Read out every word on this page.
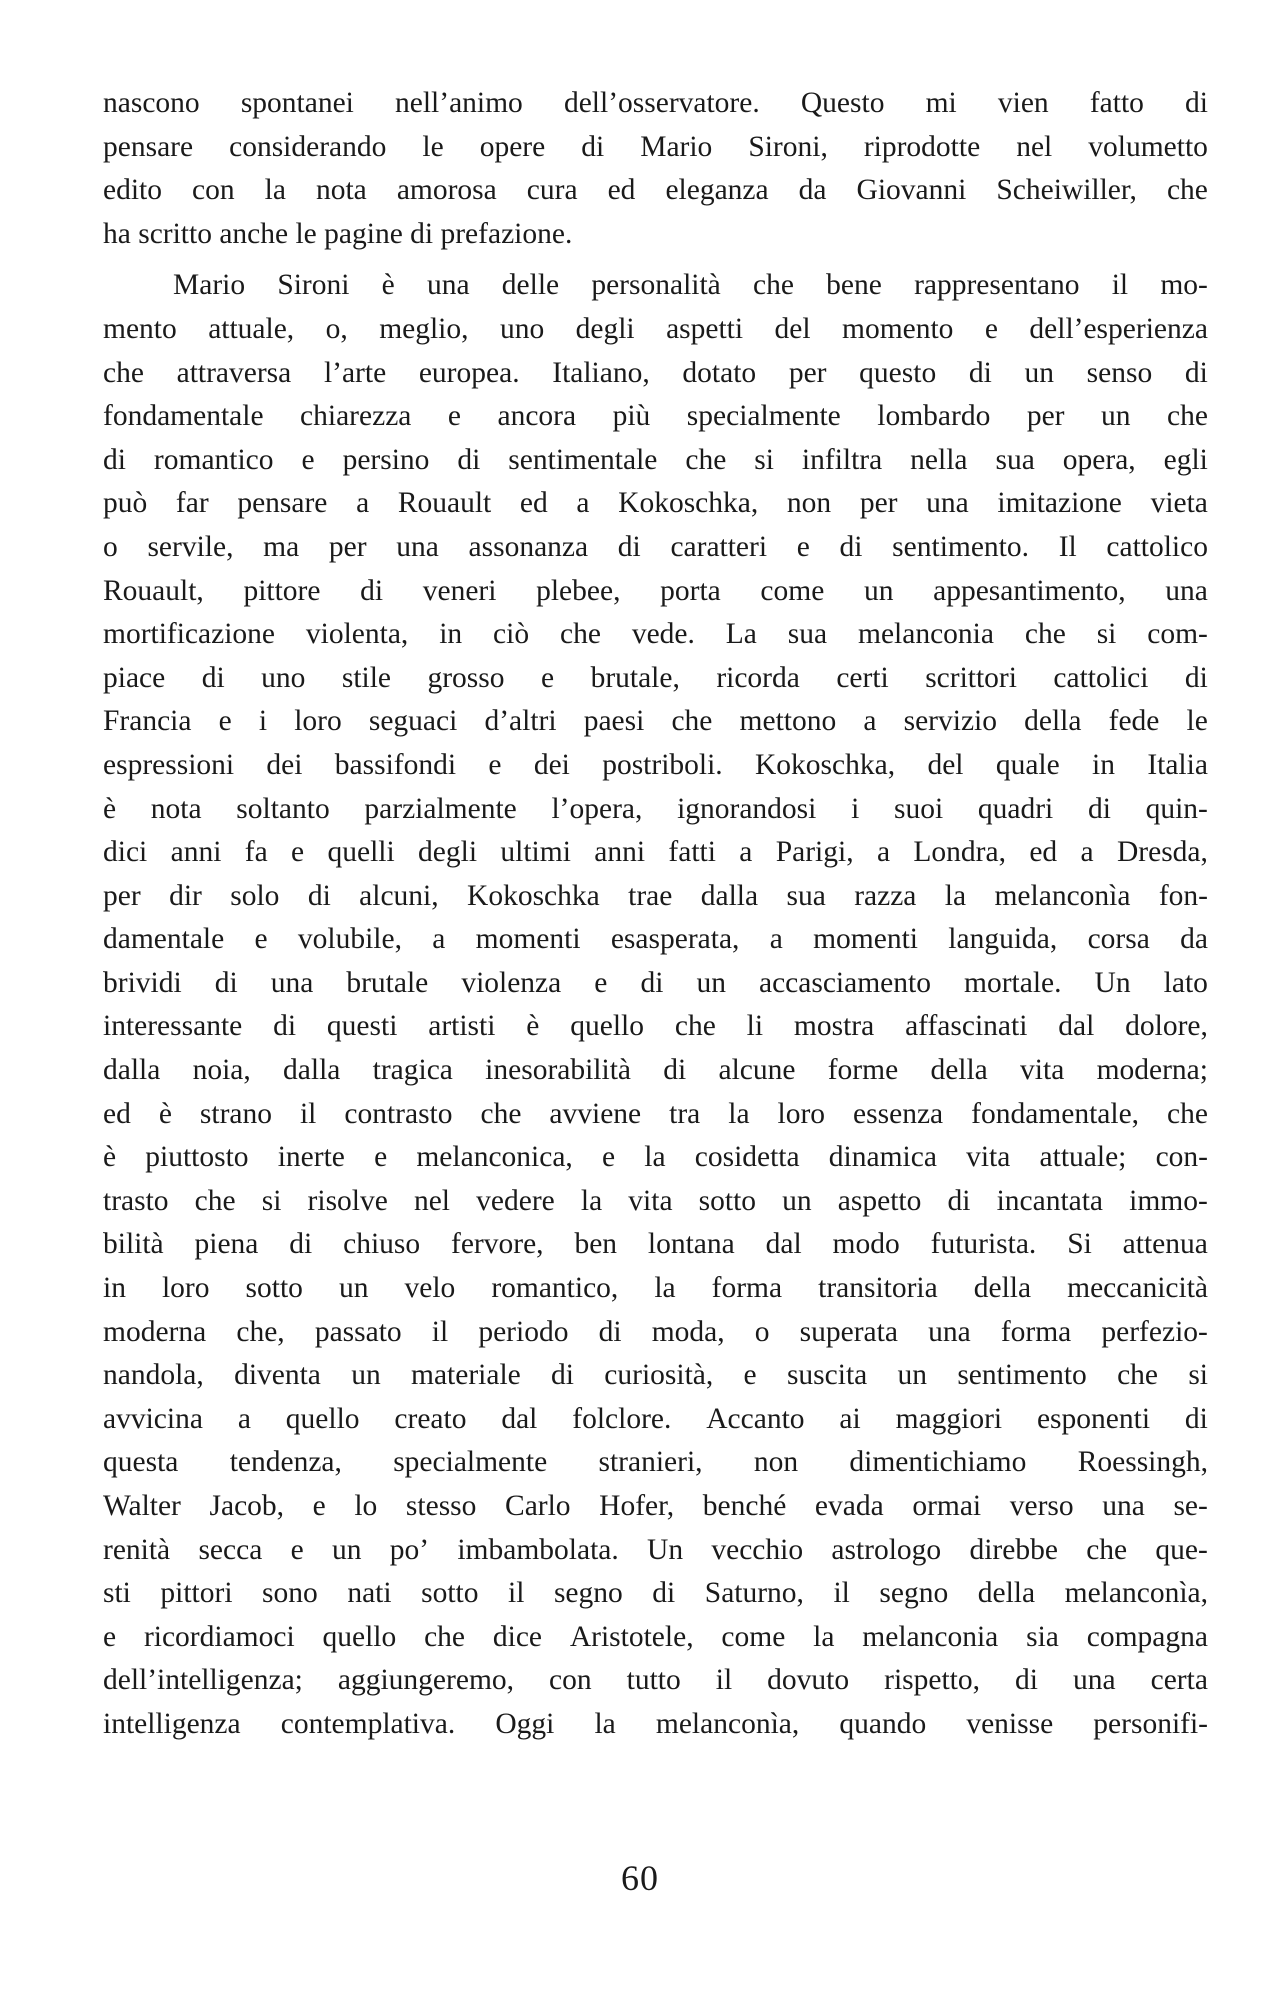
nascono spontanei nell’animo dell’osservatore. Questo mi vien fatto di
pensare considerando le opere di Mario Sironi, riprodotte nel volumetto
edito con la nota amorosa cura ed eleganza da Giovanni Scheiwiller, che
ha scritto anche le pagine di prefazione.
Mario Sironi è una delle personalità che bene rappresentano il mo-
mento attuale, o, meglio, uno degli aspetti del momento e dell’esperienza
che attraversa l’arte europea. Italiano, dotato per questo di un senso di
fondamentale chiarezza e ancora più specialmente lombardo per un che
di romantico e persino di sentimentale che si infiltra nella sua opera, egli
può far pensare a Rouault ed a Kokoschka, non per una imitazione vieta
o servile, ma per una assonanza di caratteri e di sentimento. Il cattolico
Rouault, pittore di veneri plebee, porta come un appesantimento, una
mortificazione violenta, in ciò che vede. La sua melanconia che si com-
piace di uno stile grosso e brutale, ricorda certi scrittori cattolici di
Francia e i loro seguaci d’altri paesi che mettono a servizio della fede le
espressioni dei bassifondi e dei postriboli. Kokoschka, del quale in Italia
è nota soltanto parzialmente l’opera, ignorandosi i suoi quadri di quin-
dici anni fa e quelli degli ultimi anni fatti a Parigi, a Londra, ed a Dresda,
per dir solo di alcuni, Kokoschka trae dalla sua razza la melanconìa fon-
damentale e volubile, a momenti esasperata, a momenti languida, corsa da
brividi di una brutale violenza e di un accasciamento mortale. Un lato
interessante di questi artisti è quello che li mostra affascinati dal dolore,
dalla noia, dalla tragica inesorabilità di alcune forme della vita moderna;
ed è strano il contrasto che avviene tra la loro essenza fondamentale, che
è piuttosto inerte e melanconica, e la cosidetta dinamica vita attuale; con-
trasto che si risolve nel vedere la vita sotto un aspetto di incantata immo-
bilità piena di chiuso fervore, ben lontana dal modo futurista. Si attenua
in loro sotto un velo romantico, la forma transitoria della meccanicità
moderna che, passato il periodo di moda, o superata una forma perfezio-
nandola, diventa un materiale di curiosità, e suscita un sentimento che si
avvicina a quello creato dal folclore. Accanto ai maggiori esponenti di
questa tendenza, specialmente stranieri, non dimentichiamo Roessingh,
Walter Jacob, e lo stesso Carlo Hofer, benché evada ormai verso una se-
renità secca e un po’ imbambolata. Un vecchio astrologo direbbe che que-
sti pittori sono nati sotto il segno di Saturno, il segno della melanconìa,
e ricordiamoci quello che dice Aristotele, come la melanconia sia compagna
dell’intelligenza; aggiungeremo, con tutto il dovuto rispetto, di una certa
intelligenza contemplativa. Oggi la melanconìa, quando venisse personifi-
60
